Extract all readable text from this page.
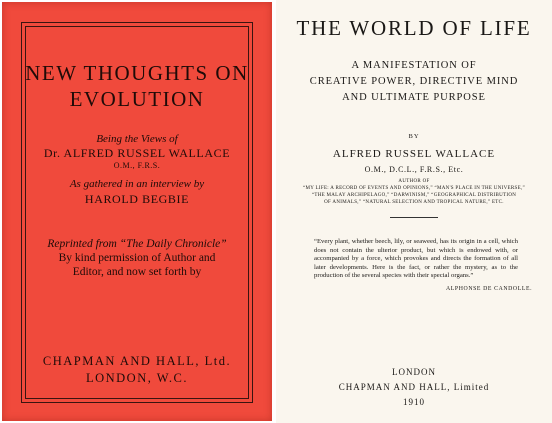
NEW THOUGHTS ON
EVOLUTION
Being the Views of
Dr. ALFRED RUSSEL WALLACE
O.M., F.R.S.
As gathered in an interview by
HAROLD BEGBIE
Reprinted from “The Daily Chronicle”
By kind permission of Author and
Editor, and now set forth by
CHAPMAN AND HALL, Ltd.
LONDON, W.C.
THE WORLD OF LIFE
A MANIFESTATION OF
CREATIVE POWER, DIRECTIVE MIND
AND ULTIMATE PURPOSE
BY
ALFRED RUSSEL WALLACE
O.M., D.C.L., F.R.S., Etc.
AUTHOR OF
“MY LIFE: A RECORD OF EVENTS AND OPINIONS,” “MAN'S PLACE IN THE UNIVERSE,”
“THE MALAY ARCHIPELAGO,” “DARWINISM,” “GEOGRAPHICAL DISTRIBUTION
OF ANIMALS,” “NATURAL SELECTION AND TROPICAL NATURE,” ETC.
“Every plant, whether beech, lily, or seaweed, has its origin in a cell, which does not contain the ulterior product, but which is endowed with, or accompanied by a force, which provokes and directs the formation of all later developments. Here is the fact, or rather the mystery, as to the production of the several species with their special organs.”
ALPHONSE DE CANDOLLE.
LONDON
CHAPMAN AND HALL, Limited
1910
